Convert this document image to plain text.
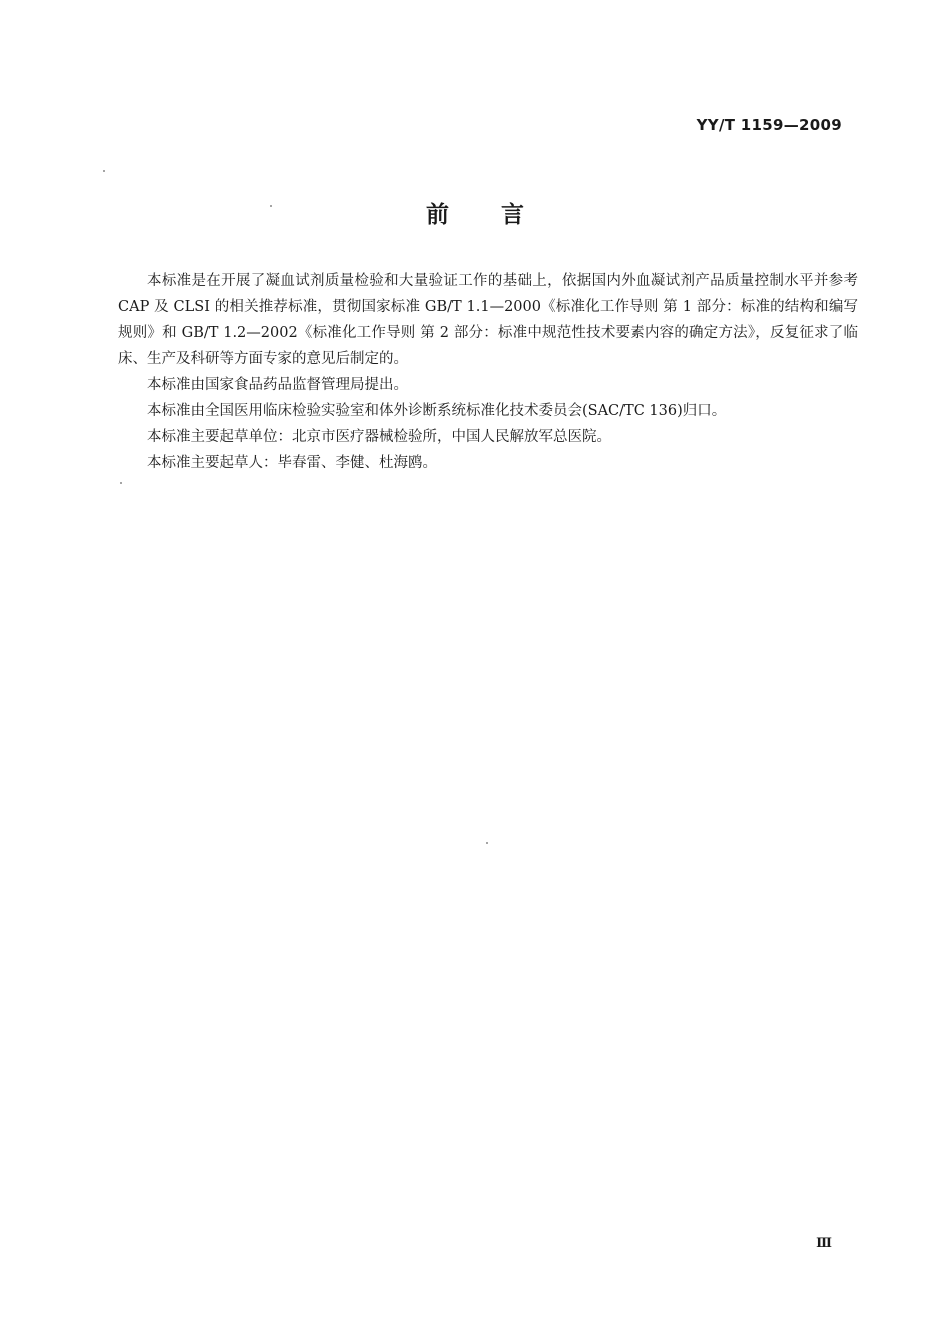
YY/T 1159—2009
前言

本标准是在开展了凝血试剂质量检验和大量验证工作的基础上，依据国内外血凝试剂产品质量控制水平并参考 CAP 及 CLSI 的相关推荐标准，贯彻国家标准 GB/T 1.1—2000《标准化工作导则 第 1 部分：标准的结构和编写规则》和 GB/T 1.2—2002《标准化工作导则 第 2 部分：标准中规范性技术要素内容的确定方法》，反复征求了临床、生产及科研等方面专家的意见后制定的。

本标准由国家食品药品监督管理局提出。

本标准由全国医用临床检验实验室和体外诊断系统标准化技术委员会(SAC/TC 136)归口。

本标准主要起草单位：北京市医疗器械检验所，中国人民解放军总医院。

本标准主要起草人：毕春雷、李健、杜海鸥。

Ⅲ
